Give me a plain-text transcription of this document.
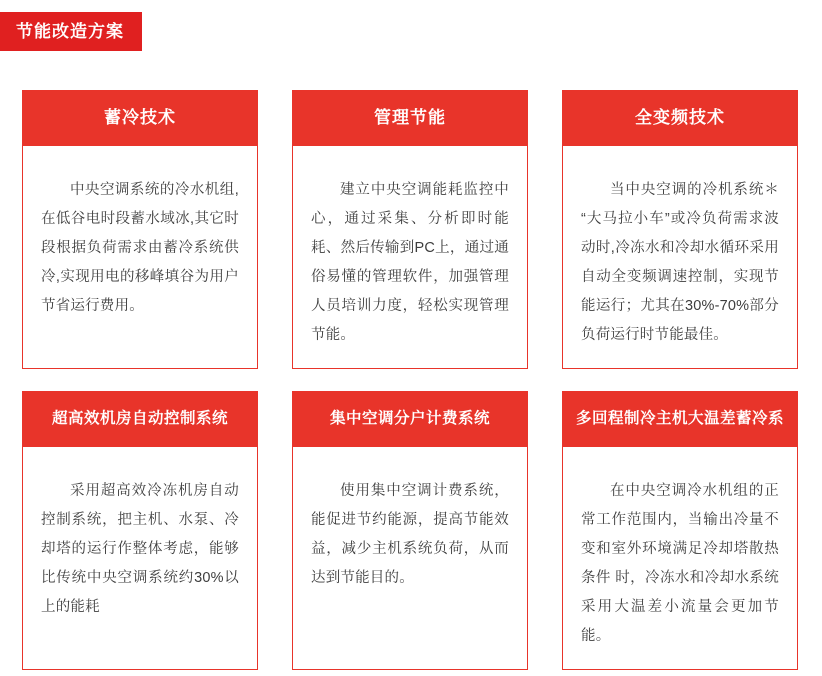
节能改造方案
蓄冷技术
中央空调系统的冷水机组,在低谷电时段蓄水域冰,其它时段根据负荷需求由蓄冷系统供冷,实现用电的移峰填谷为用户节省运行费用。
管理节能
建立中央空调能耗监控中心，通过采集、分析即时能耗、然后传输到PC上，通过通俗易懂的管理软件，加强管理人员培训力度，轻松实现管理节能。
全变频技术
当中央空调的冷机系统＊ “大马拉小车”或冷负荷需求波动时,冷冻水和冷却水循环采用自动全变频调速控制，实现节能运行；尤其在30%-70%部分负荷运行时节能最佳。
超高效机房自动控制系统
采用超高效冷冻机房自动控制系统，把主机、水泵、冷却塔的运行作整体考虑，能够比传统中央空调系统约30%以上的能耗
集中空调分户计费系统
使用集中空调计费系统，能促进节约能源，提高节能效益，减少主机系统负荷，从而达到节能目的。
多回程制冷主机大温差蓄冷系
在中央空调冷水机组的正常工作范围内，当输出冷量不变和室外环境满足冷却塔散热条件 时，冷冻水和冷却水系统采用大温差小流量会更加节能。
